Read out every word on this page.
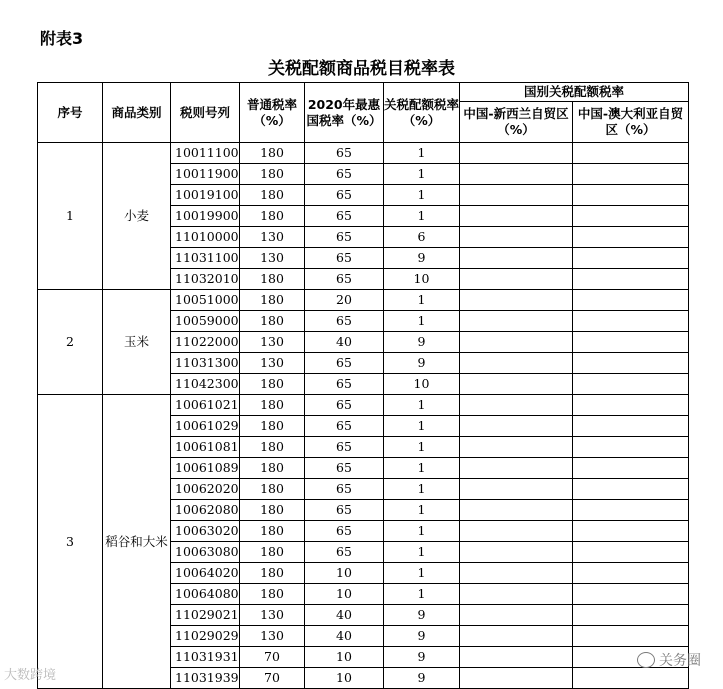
附表3
关税配额商品税目税率表
序号	商品类别	税则号列	普通税率（%）	2020年最惠国税率（%）	关税配额税率（%）	国别关税配额税率	
						中国-新西兰自贸区（%）	中国-澳大利亚自贸区（%）
1	小麦	10011100	180	65	1		
		10011900	180	65	1		
		10019100	180	65	1		
		10019900	180	65	1		
		11010000	130	65	6		
		11031100	130	65	9		
		11032010	180	65	10		
2	玉米	10051000	180	20	1		
		10059000	180	65	1		
		11022000	130	40	9		
		11031300	130	65	9		
		11042300	180	65	10		
3	稻谷和大米	10061021	180	65	1		
		10061029	180	65	1		
		10061081	180	65	1		
		10061089	180	65	1		
		10062020	180	65	1		
		10062080	180	65	1		
		10063020	180	65	1		
		10063080	180	65	1		
		10064020	180	10	1		
		10064080	180	10	1		
		11029021	130	40	9		
		11029029	130	40	9		
		11031931	70	10	9		
		11031939	70	10	9		
大数跨境
关务圈
